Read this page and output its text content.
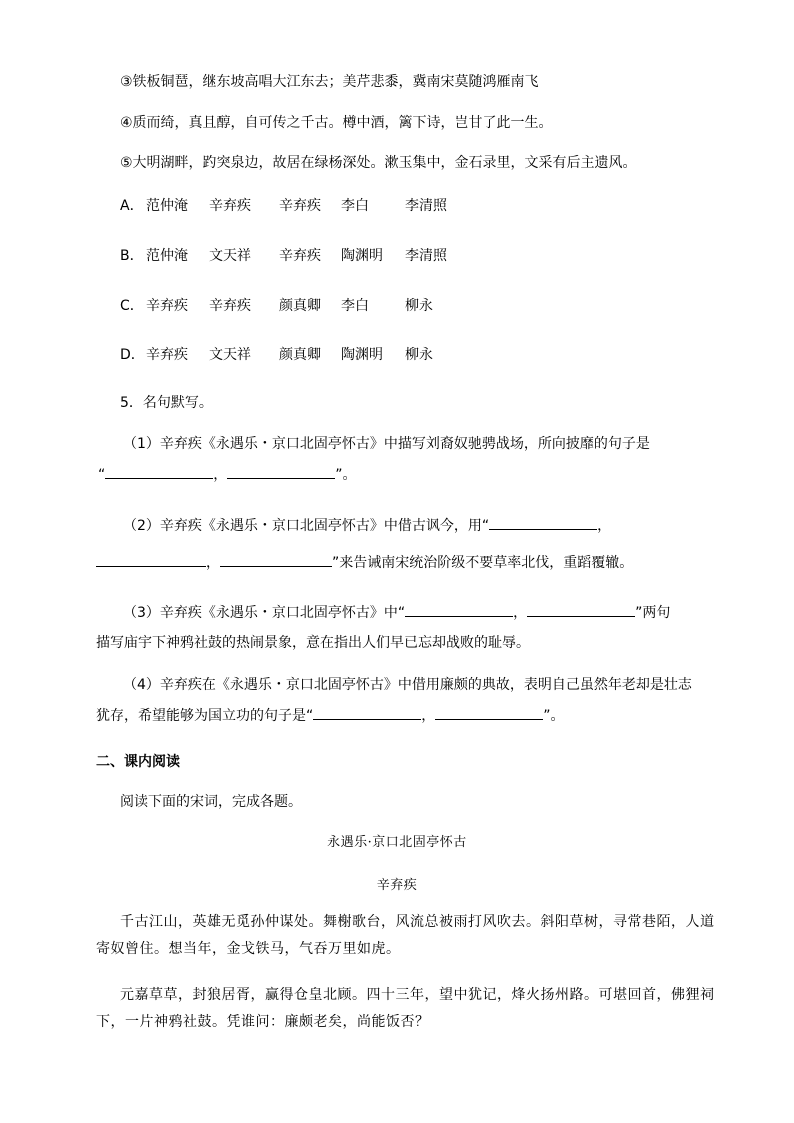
③铁板铜琶，继东坡高唱大江东去；美芹悲黍，冀南宋莫随鸿雁南飞
④质而绮，真且醇，自可传之千古。樽中酒，篱下诗，岂甘了此一生。
⑤大明湖畔，趵突泉边，故居在绿杨深处。漱玉集中，金石录里，文采有后主遗风。
A． 范仲淹 辛弃疾 辛弃疾 李白	李清照
B． 范仲淹 文天祥 辛弃疾 陶渊明 李清照
C． 辛弃疾 辛弃疾 颜真卿 李白	柳永
D．辛弃疾 文天祥 颜真卿 陶渊明 柳永
5．名句默写。
（1）辛弃疾《永遇乐・京口北固亭怀古》中描写刘裔奴驰骋战场，所向披靡的句子是
“	，	”。
（2）辛弃疾《永遇乐・京口北固亭怀古》中借古讽今，用“	，
，	”来告诫南宋统治阶级不要草率北伐，重蹈覆辙。
（3）辛弃疾《永遇乐・京口北固亭怀古》中“	，	”两句
描写庙宇下神鸦社鼓的热闹景象，意在指出人们早已忘却战败的耻辱。
（4）辛弃疾在《永遇乐・京口北固亭怀古》中借用廉颇的典故，表明自己虽然年老却是壮志
犹存，希望能够为国立功的句子是“	，	”。
二、课内阅读
阅读下面的宋词，完成各题。
永遇乐·京口北固亭怀古
辛弃疾
千古江山，英雄无觅孙仲谋处。舞榭歌台，风流总被雨打风吹去。斜阳草树，寻常巷陌，人道
寄奴曾住。想当年，金戈铁马，气吞万里如虎。
元嘉草草，封狼居胥，赢得仓皇北顾。四十三年，望中犹记，烽火扬州路。可堪回首，佛狸祠
下，一片神鸦社鼓。凭谁问：廉颇老矣，尚能饭否？
